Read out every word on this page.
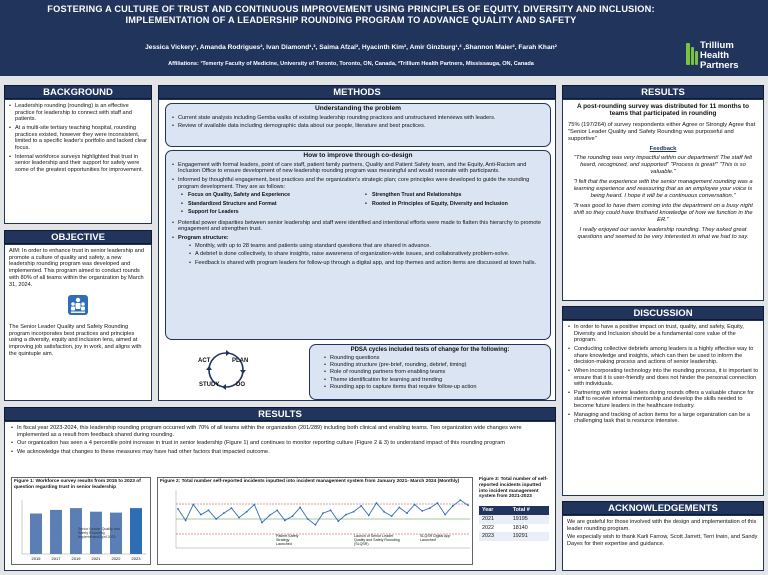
FOSTERING A CULTURE OF TRUST AND CONTINUOUS IMPROVEMENT USING PRINCIPLES OF EQUITY, DIVERSITY AND INCLUSION:
IMPLEMENTATION OF A LEADERSHIP ROUNDING PROGRAM TO ADVANCE QUALITY AND SAFETY
Jessica Vickery¹, Amanda Rodrigues², Ivan Diamond¹,², Saima Afzal², Hyacinth Kim², Amir Ginzburg¹,² ,Shannon Maier², Farah Khan²
Affiliations: ¹Temerty Faculty of Medicine, University of Toronto, Toronto, ON, Canada, ²Trillium Health Partners, Mississauga, ON, Canada
Trillium
Health Partners
BACKGROUND
• Leadership rounding (rounding) is an effective practice for leadership to connect with staff and patients.
• At a multi-site tertiary teaching hospital, rounding practices existed, however they were inconsistent, limited to a specific leader's portfolio and lacked clear focus.
• Internal workforce surveys highlighted that trust in senior leadership and their support for safety were some of the greatest opportunities for improvement.
OBJECTIVE
AIM: In order to enhance trust in senior leadership and promote a culture of quality and safety, a new leadership rounding program was developed and implemented. This program aimed to conduct rounds with 80% of all teams within the organization by March 31, 2024.
The Senior Leader Quality and Safety Rounding program incorporates best practices and principles using a diversity, equity and inclusion lens, aimed at improving job satisfaction, joy in work, and aligns with the quintuple aim.
METHODS
Understanding the problem
• Current state analysis including Gemba walks of existing leadership rounding practices and unstructured interviews with leaders.
• Review of available data including demographic data about our people, literature and best practices.
How to improve through co-design
• Engagement with formal leaders, point of care staff, patient family partners, Quality and Patient Safety team, and the Equity, Anti-Racism and Inclusion Office to ensure development of new leadership rounding program was meaningful and would resonate with participants.
• Informed by thoughtful engagement, best practices and the organization's strategic plan; core principles were developed to guide the rounding program development. They are as follows:
• Focus on Quality, Safety and Experience	• Strengthen Trust and Relationships
• Standardized Structure and Format	• Rooted in Principles of Equity, Diversity and Inclusion
• Support for Leaders
• Potential power disparities between senior leadership and staff were identified and intentional efforts were made to flatten this hierarchy to promote engagement and strengthen trust.
• Program structure:
• Monthly, with up to 28 teams and patients using standard questions that are shared in advance.
• A debrief is done collectively, to share insights, raise awareness of organization-wide issues, and collaboratively problem-solve.
• Feedback is shared with program leaders for follow-up through a digital app, and top themes and action items are discussed at town halls.
ACT	PLAN
STUDY	DO
PDSA cycles included tests of change for the following:
• Rounding questions
• Rounding structure (pre-brief, rounding, debrief, timing)
• Role of rounding partners from enabling teams
• Theme identification for learning and trending
• Rounding app to capture items that require follow-up action
RESULTS
• In fiscal year 2023-2024, this leadership rounding program occurred with 70% of all teams within the organization (201/289) including both clinical and enabling teams. Two organization wide changes were implemented as a result from feedback shared during rounding.
• Our organization has seen a 4 percentile point increase in trust in senior leadership (Figure 1) and continues to monitor reporting culture (Figure 2 & 3) to understand impact of this rounding program
• We acknowledge that changes to these measures may have had other factors that impacted outcome.
Figure 1: Workforce survey results from 2015 to 2023 of question regarding trust in senior leadership
2015	2017	2019	2021	2022	2023
Senior Leader Quality and Safety Rounding implemented April 2023
Figure 2: Total number self-reported incidents inputted into incident management system from January 2021- March 2024 (Monthly)
Patient Safety Strategy Launched
Launch of Senior Leader Quality and Safety Rounding (SLQSR)
SLQSR Digital App Launched
Figure 3: Total number of self-reported incidents inputted into incident management system from 2021-2023
Year	Total #
2021	19195
2022	18140
2023	19291
RESULTS
A post-rounding survey was distributed for 11 months to teams that participated in rounding
75% (197/264) of survey respondents either Agree or Strongly Agree that "Senior Leader Quality and Safety Rounding was purposeful and supportive"
Feedback
"The rounding was very impactful within our department! The staff felt heard, recognized, and supported" "Process is great!" "This is so valuable."
"I felt that the experience with the senior management rounding was a learning experience and reassuring that as an employee your voice is being heard. I hope it will be a continuous conversation."
"It was good to have them coming into the department on a busy night shift so they could have firsthand knowledge of how we function in the ER."
I really enjoyed our senior leadership rounding. They asked great questions and seemed to be very interested in what we had to say.
DISCUSSION
• In order to have a positive impact on trust, quality, and safety, Equity, Diversity and Inclusion should be a fundamental core value of the program.
• Conducting collective debriefs among leaders is a highly effective way to share knowledge and insights, which can then be used to inform the decision-making process and actions of senior leadership.
• When incorporating technology into the rounding process, it is important to ensure that it is user-friendly and does not hinder the personal connection with individuals.
• Partnering with senior leaders during rounds offers a valuable chance for staff to receive informal mentorship and develop the skills needed to become future leaders in the healthcare industry.
• Managing and tracking of action items for a large organization can be a challenging task that is resource intensive.
ACKNOWLEDGEMENTS

We are grateful for those involved with the design and implementation of this leader rounding program.

We especially wish to thank Karli Farrow, Scott Jarrett, Terri Irwin, and Sandy Dayes for their expertise and guidance.
